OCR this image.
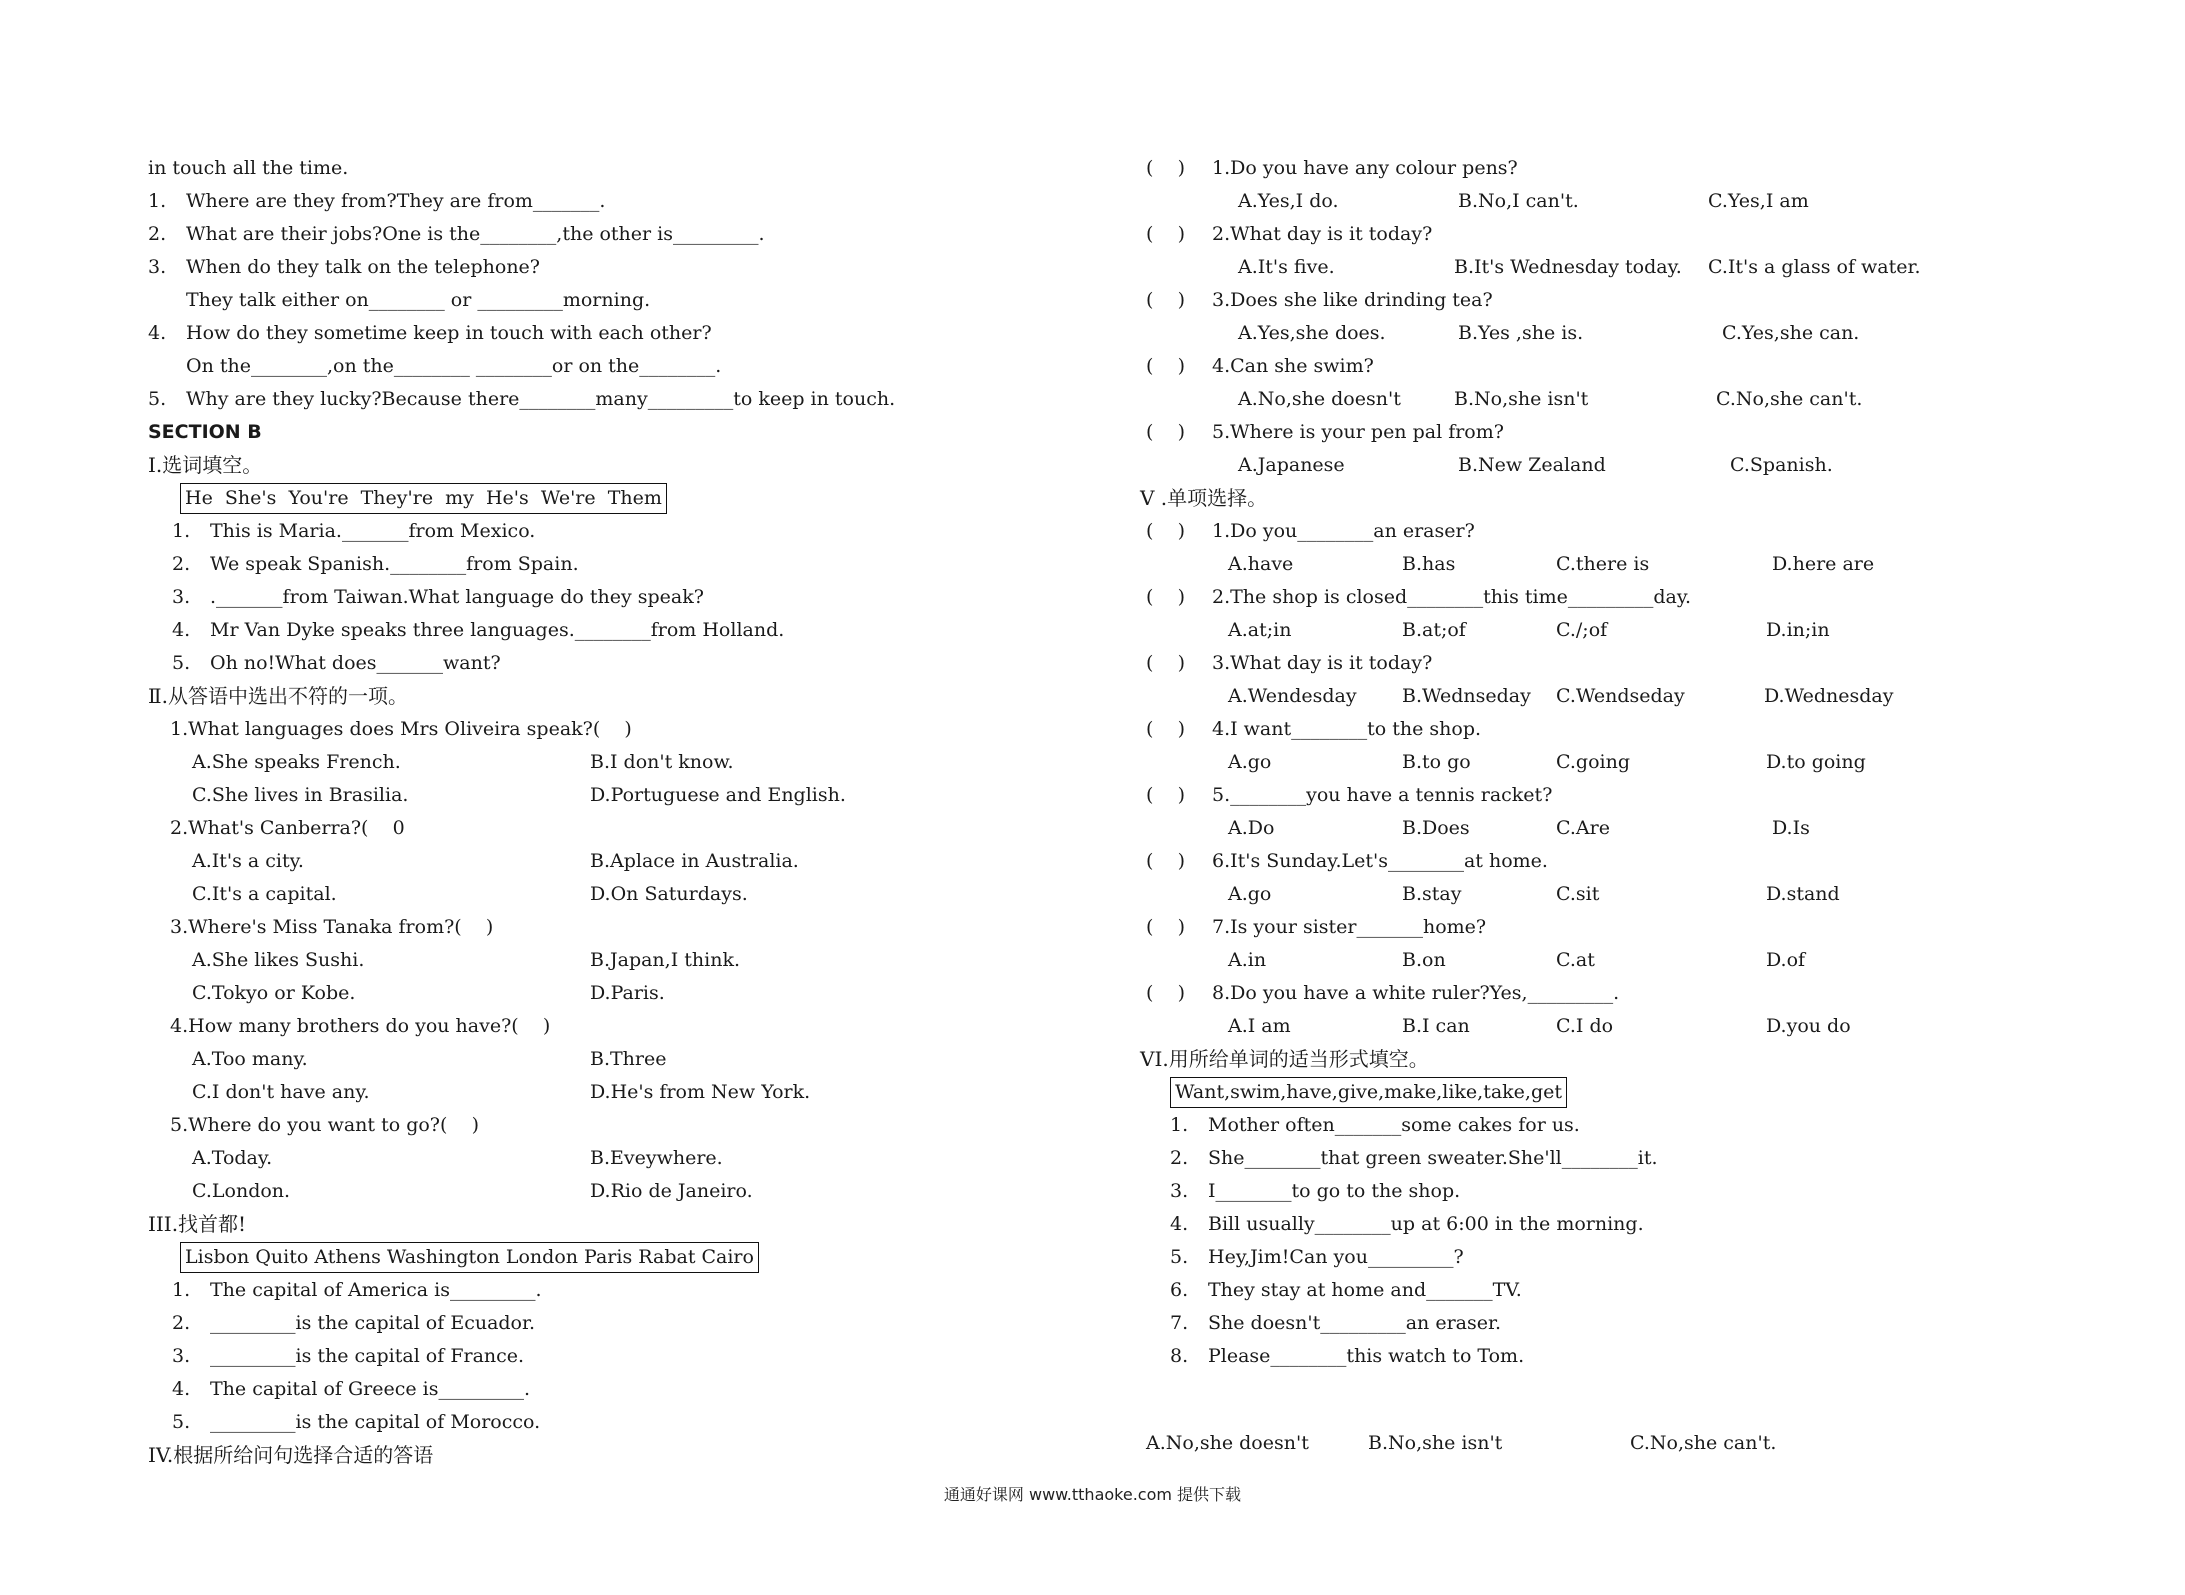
in touch all the time.
1. Where are they from?They are from_______.
2. What are their jobs?One is the________,the other is_________.
3. When do they talk on the telephone?
They talk either on________ or _________morning.
4. How do they sometime keep in touch with each other?
On the________,on the________ ________or on the________.
5. Why are they lucky?Because there________many_________to keep in touch.
SECTION B
Ⅰ.选词填空。
He  She's  You're  They're  my  He's  We're  Them
1. This is Maria._______from Mexico.
2. We speak Spanish.________from Spain.
3. ._______from Taiwan.What language do they speak?
4. Mr Van Dyke speaks three languages.________from Holland.
5. Oh no!What does_______want?
Ⅱ.从答语中选出不符的一项。
1.What languages does Mrs Oliveira speak?(    )
A.She speaks French.	B.I don't know.
C.She lives in Brasilia.	D.Portuguese and English.
2.What's Canberra?(    0
A.It's a city.	B.Aplace in Australia.
C.It's a capital.	D.On Saturdays.
3.Where's Miss Tanaka from?(    )
A.She likes Sushi.	B.Japan,I think.
C.Tokyo or Kobe.	D.Paris.
4.How many brothers do you have?(    )
A.Too many.	B.Three
C.I don't have any.	D.He's from New York.
5.Where do you want to go?(    )
A.Today.	B.Eveywhere.
C.London.	D.Rio de Janeiro.
III.找首都!
Lisbon Quito Athens Washington London Paris Rabat Cairo
1. The capital of America is_________.
2. _________is the capital of Ecuador.
3. _________is the capital of France.
4. The capital of Greece is_________.
5. _________is the capital of Morocco.
IV.根据所给问句选择合适的答语
(    ) 1.Do you have any colour pens?
A.Yes,I do.	B.No,I can't.	C.Yes,I am
(    ) 2.What day is it today?
A.It's five.	B.It's Wednesday today. C.It's a glass of water.
(    ) 3.Does she like drinding tea?
A.Yes,she does.	B.Yes ,she is.	C.Yes,she can.
(    ) 4.Can she swim?
A.No,she doesn't	B.No,she isn't	C.No,she can't.
(    ) 5.Where is your pen pal from?
A.Japanese	B.New Zealand	C.Spanish.
V .单项选择。
(    ) 1.Do you________an eraser?
A.have	B.has	C.there is	D.here are
(    ) 2.The shop is closed________this time_________day.
A.at;in	B.at;of	C./;of	D.in;in
(    ) 3.What day is it today?
A.Wendesday B.Wednseday C.Wendseday	D.Wednesday
(    ) 4.I want________to the shop.
A.go	B.to go	C.going	D.to going
(    ) 5.________you have a tennis racket?
A.Do	B.Does	C.Are	D.Is
(    ) 6.It's Sunday.Let's________at home.
A.go	B.stay	C.sit	D.stand
(    ) 7.Is your sister_______home?
A.in	B.on	C.at	D.of
(    ) 8.Do you have a white ruler?Yes,_________.
A.I am	B.I can	C.I do	D.you do
VI.用所给单词的适当形式填空。
Want,swim,have,give,make,like,take,get
1. Mother often_______some cakes for us.
2. She________that green sweater.She'll________it.
3. I________to go to the shop.
4. Bill usually________up at 6:00 in the morning.
5. Hey,Jim!Can you_________?
6. They stay at home and_______TV.
7. She doesn't_________an eraser.
8. Please________this watch to Tom.
A.No,she doesn't	B.No,she isn't	C.No,she can't.
通通好课网 www.tthaoke.com 提供下载
